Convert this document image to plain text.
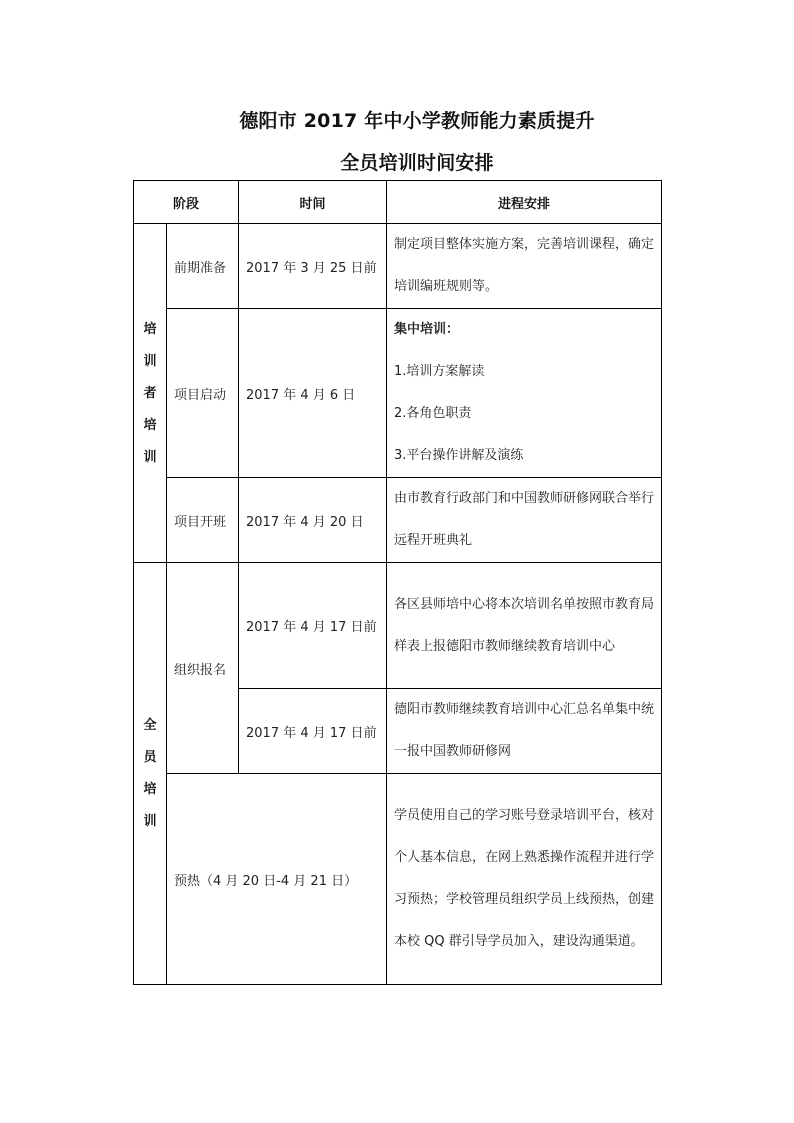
德阳市 2017 年中小学教师能力素质提升
全员培训时间安排
阶段		时间	进程安排

培
训
者
培
训	前期准备	2017 年 3 月 25 日前	制定项目整体实施方案，完善培训课程，确定培训编班规则等。

	项目启动	2017 年 4 月 6 日	集中培训：

1.培训方案解读

2.各角色职责

3.平台操作讲解及演练

	项目开班	2017 年 4 月 20 日	由市教育行政部门和中国教师研修网联合举行远程开班典礼

全
员
培
训	组织报名	2017 年 4 月 17 日前	各区县师培中心将本次培训名单按照市教育局样表上报德阳市教师继续教育培训中心

		2017 年 4 月 17 日前	德阳市教师继续教育培训中心汇总名单集中统一报中国教师研修网

	预热（4 月 20 日-4 月 21 日）		学员使用自己的学习账号登录培训平台，核对个人基本信息，在网上熟悉操作流程并进行学习预热；学校管理员组织学员上线预热，创建本校 QQ 群引导学员加入，建设沟通渠道。
